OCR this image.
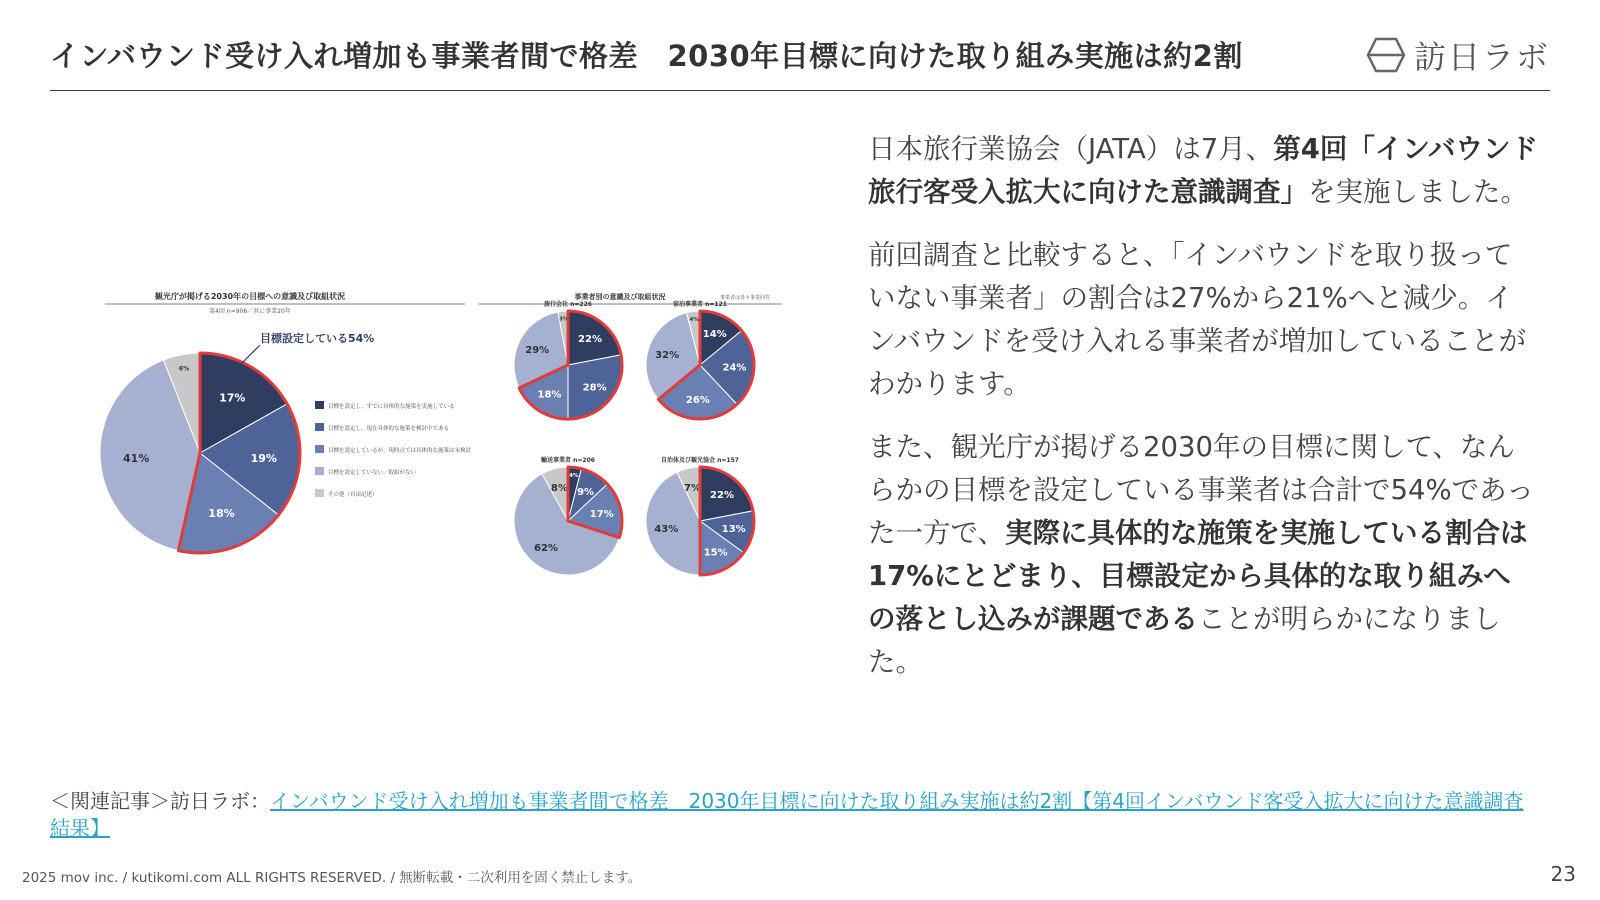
インバウンド受け入れ増加も事業者間で格差　2030年目標に向けた取り組み実施は約2割	訪日ラボ
観光庁が掲げる2030年の目標への意識及び取組状況
第4回 n=906／共に事業20年
目標設定している54%
17%
19%
18%
41%
6%
目標を設定し、すでに具体的な施策を実施している
目標を設定し、現在具体的な施策を検討中である
目標を設定しているが、現時点では具体的な施策は未検討
目標を設定していない／取組がない
その他（自由記述）
事業者別の意識及び取組状況	事業者は各々事業回答
旅行会社 n=226
22%
28%
18%
29%
3%
宿泊事業者 n=121
14%
24%
26%
32%
4%
輸送事業者 n=206
4%
9%
17%
62%
8%
自治体及び観光協会 n=157
22%
13%
15%
43%
7%

日本旅行業協会（JATA）は7月、第4回「インバウンド旅行客受入拡大に向けた意識調査」を実施しました。

前回調査と比較すると、「インバウンドを取り扱っていない事業者」の割合は27%から21%へと減少。インバウンドを受け入れる事業者が増加していることがわかります。

また、観光庁が掲げる2030年の目標に関して、なんらかの目標を設定している事業者は合計で54%であった一方で、実際に具体的な施策を実施している割合は17%にとどまり、目標設定から具体的な取り組みへの落とし込みが課題であることが明らかになりました。

＜関連記事＞訪日ラボ：インバウンド受け入れ増加も事業者間で格差　2030年目標に向けた取り組み実施は約2割【第4回インバウンド客受入拡大に向けた意識調査結果】
2025 mov inc. / kutikomi.com ALL RIGHTS RESERVED. / 無断転載・二次利用を固く禁止します。	23
